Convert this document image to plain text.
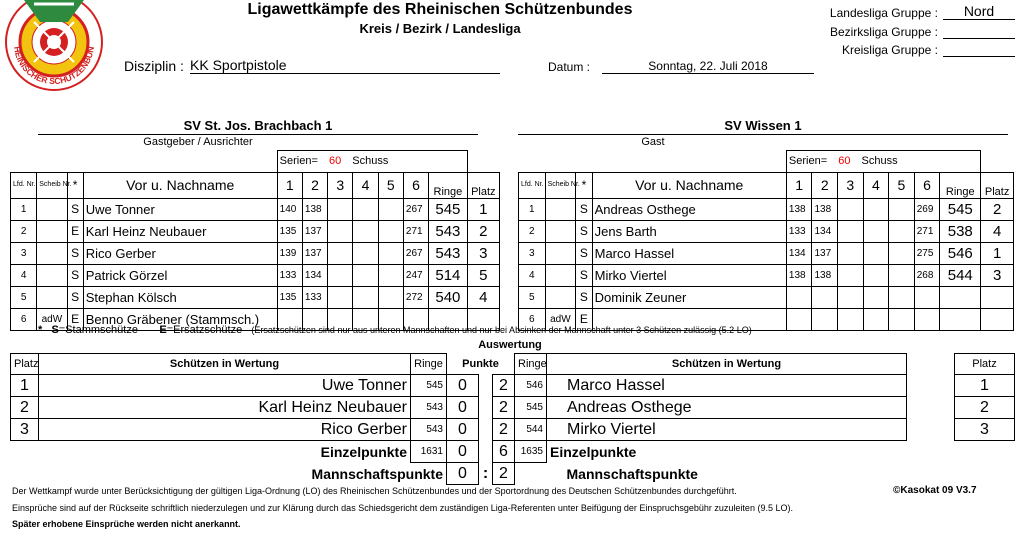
HEINISCHER SCHÜTZENBUN
Ligawettkämpfe des Rheinischen Schützenbundes
Kreis / Bezirk / Landesliga
Landesliga Gruppe :	Nord
Bezirksliga Gruppe :
Kreisliga Gruppe :
Disziplin : KK Sportpistole	Datum :	Sonntag, 22. Juli 2018
SV St. Jos. Brachbach 1
Gastgeber / Ausrichter
SV Wissen 1
Gast
				Serien= 60 Schuss							
Lfd. Nr.	Scheib Nr.	*	Vor u. Nachname	1	2	3	4	5	6	Ringe	Platz
1		S	Uwe Tonner	140	138				267	545	1
2		E	Karl Heinz Neubauer	135	137				271	543	2
3		S	Rico Gerber	139	137				267	543	3
4		S	Patrick Görzel	133	134				247	514	5
5		S	Stephan Kölsch	135	133				272	540	4
6	adW	E	Benno Gräbener (Stammsch.)								
				Serien= 60 Schuss							
Lfd. Nr.	Scheib Nr.	*	Vor u. Nachname	1	2	3	4	5	6	Ringe	Platz
1		S	Andreas Osthege	138	138				269	545	2
2		S	Jens Barth	133	134				271	538	4
3		S	Marco Hassel	134	137				275	546	1
4		S	Mirko Viertel	138	138				268	544	3
5		S	Dominik Zeuner								
6	adW	E									
* S=Stammschütze E=Ersatzschütze (Ersatzschützen sind nur aus unteren Mannschaften und nur bei Absinken der Mannschaft unter 3 Schützen zulässig (5.2 LO)
Auswertung
Platz	Schützen in Wertung	Ringe	Punkte			Ringe	Schützen in Wertung		Platz
1	Uwe Tonner	545	0		2	546	Marco Hassel		1
2	Karl Heinz Neubauer	543	0		2	545	Andreas Osthege		2
3	Rico Gerber	543	0		2	544	Mirko Viertel		3
	Einzelpunkte	1631	0		6	1635	Einzelpunkte		
	Mannschaftspunkte		0	:	2		Mannschaftspunkte		
Der Wettkampf wurde unter Berücksichtigung der gültigen Liga-Ordnung (LO) des Rheinischen Schützenbundes und der Sportordnung des Deutschen Schützenbundes durchgeführt.	©Kasokat 09 V3.7
Einsprüche sind auf der Rückseite schriftlich niederzulegen und zur Klärung durch das Schiedsgericht dem zuständigen Liga-Referenten unter Beifügung der Einspruchsgebühr zuzuleiten (9.5 LO).
Später erhobene Einsprüche werden nicht anerkannt.
